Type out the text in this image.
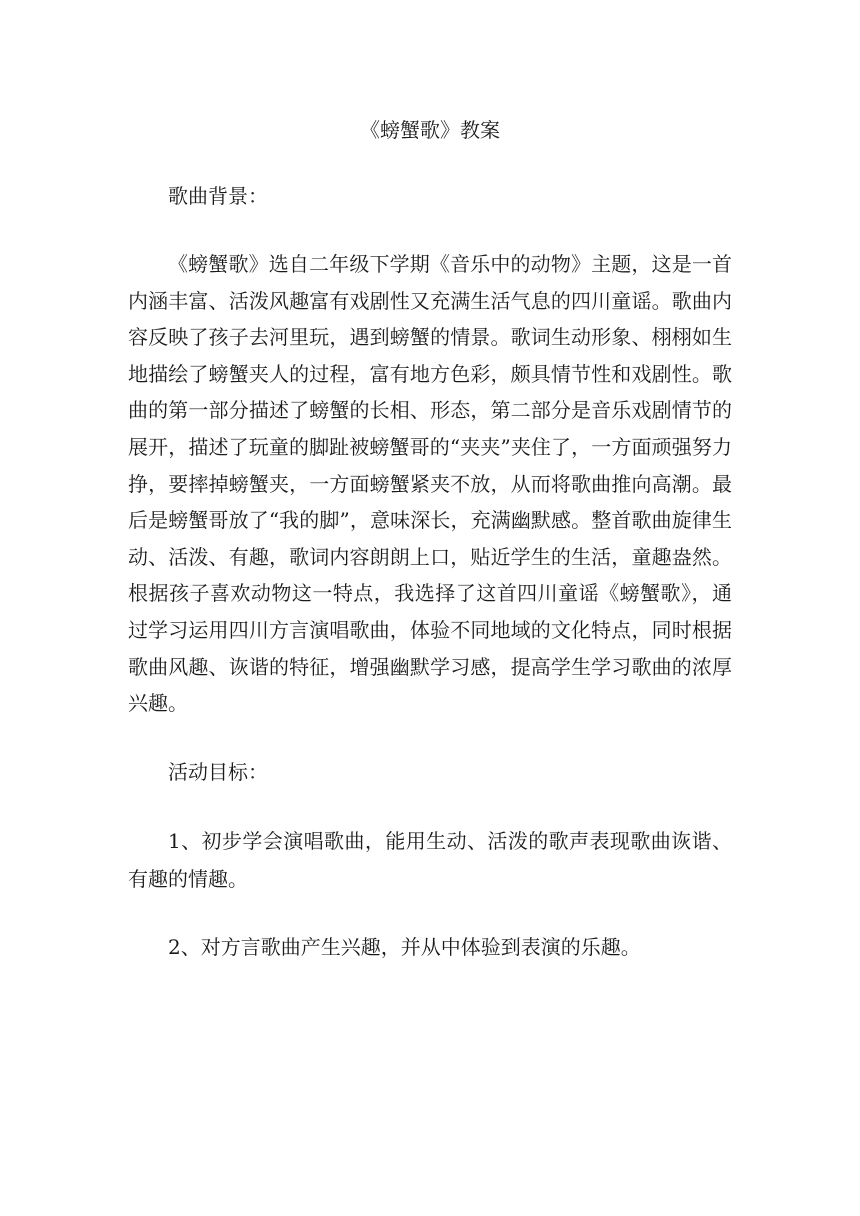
《螃蟹歌》教案

歌曲背景：

《螃蟹歌》选自二年级下学期《音乐中的动物》主题，这是一首内涵丰富、活泼风趣富有戏剧性又充满生活气息的四川童谣。歌曲内容反映了孩子去河里玩，遇到螃蟹的情景。歌词生动形象、栩栩如生地描绘了螃蟹夹人的过程，富有地方色彩，颇具情节性和戏剧性。歌曲的第一部分描述了螃蟹的长相、形态，第二部分是音乐戏剧情节的展开，描述了玩童的脚趾被螃蟹哥的“夹夹”夹住了，一方面顽强努力挣，要摔掉螃蟹夹，一方面螃蟹紧夹不放，从而将歌曲推向高潮。最后是螃蟹哥放了“我的脚”，意味深长，充满幽默感。整首歌曲旋律生动、活泼、有趣，歌词内容朗朗上口，贴近学生的生活，童趣盎然。根据孩子喜欢动物这一特点，我选择了这首四川童谣《螃蟹歌》，通过学习运用四川方言演唱歌曲，体验不同地域的文化特点，同时根据歌曲风趣、诙谐的特征，增强幽默学习感，提高学生学习歌曲的浓厚兴趣。

活动目标：

1、初步学会演唱歌曲，能用生动、活泼的歌声表现歌曲诙谐、有趣的情趣。

2、对方言歌曲产生兴趣，并从中体验到表演的乐趣。
